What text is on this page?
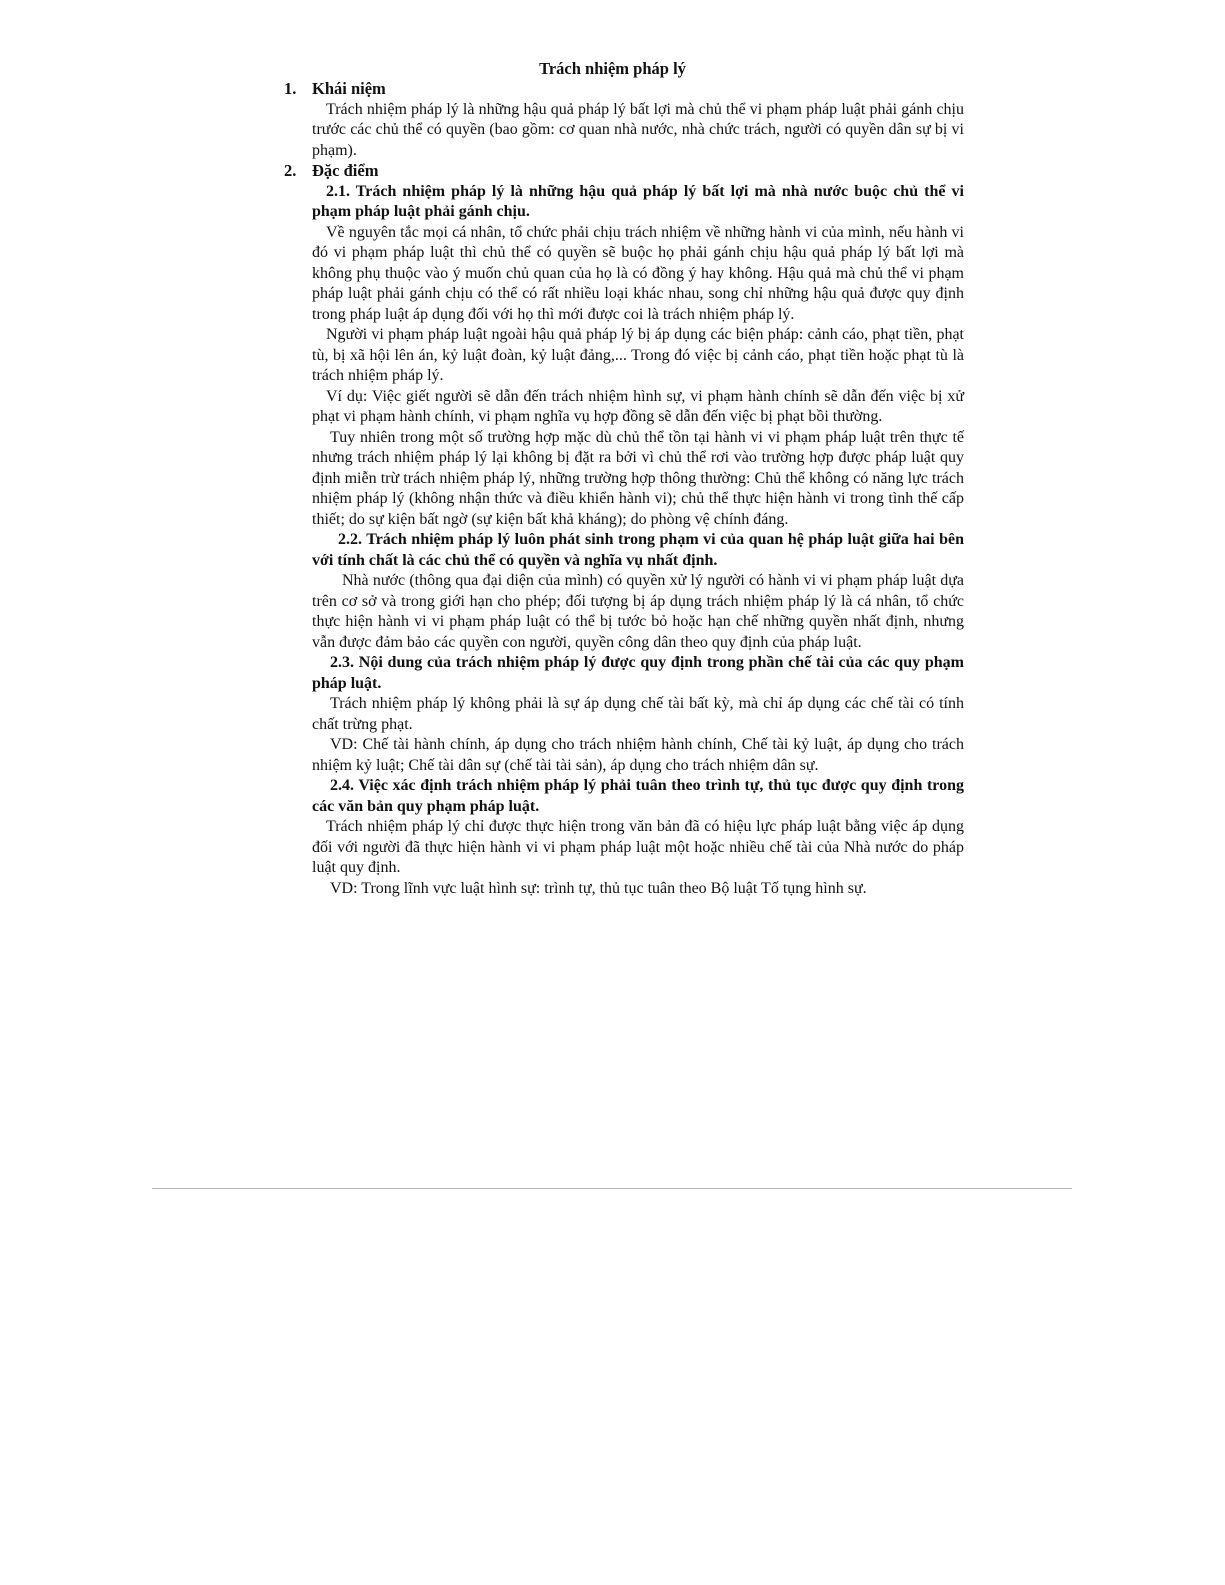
Trách nhiệm pháp lý
1. Khái niệm

Trách nhiệm pháp lý là những hậu quả pháp lý bất lợi mà chủ thể vi phạm pháp luật phải gánh chịu trước các chủ thể có quyền (bao gồm: cơ quan nhà nước, nhà chức trách, người có quyền dân sự bị vi phạm).

2. Đặc điểm

2.1. Trách nhiệm pháp lý là những hậu quả pháp lý bất lợi mà nhà nước buộc chủ thể vi phạm pháp luật phải gánh chịu.

Về nguyên tắc mọi cá nhân, tổ chức phải chịu trách nhiệm về những hành vi của mình, nếu hành vi đó vi phạm pháp luật thì chủ thể có quyền sẽ buộc họ phải gánh chịu hậu quả pháp lý bất lợi mà không phụ thuộc vào ý muốn chủ quan của họ là có đồng ý hay không. Hậu quả mà chủ thể vi phạm pháp luật phải gánh chịu có thể có rất nhiều loại khác nhau, song chỉ những hậu quả được quy định trong pháp luật áp dụng đối với họ thì mới được coi là trách nhiệm pháp lý.

Người vi phạm pháp luật ngoài hậu quả pháp lý bị áp dụng các biện pháp: cảnh cáo, phạt tiền, phạt tù, bị xã hội lên án, kỷ luật đoàn, kỷ luật đảng,... Trong đó việc bị cảnh cáo, phạt tiền hoặc phạt tù là trách nhiệm pháp lý.

Ví dụ: Việc giết người sẽ dẫn đến trách nhiệm hình sự, vi phạm hành chính sẽ dẫn đến việc bị xử phạt vi phạm hành chính, vi phạm nghĩa vụ hợp đồng sẽ dẫn đến việc bị phạt bồi thường.

Tuy nhiên trong một số trường hợp mặc dù chủ thể tồn tại hành vi vi phạm pháp luật trên thực tế nhưng trách nhiệm pháp lý lại không bị đặt ra bởi vì chủ thể rơi vào trường hợp được pháp luật quy định miễn trừ trách nhiệm pháp lý, những trường hợp thông thường: Chủ thể không có năng lực trách nhiệm pháp lý (không nhận thức và điều khiển hành vi); chủ thể thực hiện hành vi trong tình thế cấp thiết; do sự kiện bất ngờ (sự kiện bất khả kháng); do phòng vệ chính đáng.

2.2. Trách nhiệm pháp lý luôn phát sinh trong phạm vi của quan hệ pháp luật giữa hai bên với tính chất là các chủ thể có quyền và nghĩa vụ nhất định.

Nhà nước (thông qua đại diện của mình) có quyền xử lý người có hành vi vi phạm pháp luật dựa trên cơ sở và trong giới hạn cho phép; đối tượng bị áp dụng trách nhiệm pháp lý là cá nhân, tổ chức thực hiện hành vi vi phạm pháp luật có thể bị tước bỏ hoặc hạn chế những quyền nhất định, nhưng vẫn được đảm bảo các quyền con người, quyền công dân theo quy định của pháp luật.

2.3. Nội dung của trách nhiệm pháp lý được quy định trong phần chế tài của các quy phạm pháp luật.

Trách nhiệm pháp lý không phải là sự áp dụng chế tài bất kỳ, mà chỉ áp dụng các chế tài có tính chất trừng phạt.

VD: Chế tài hành chính, áp dụng cho trách nhiệm hành chính, Chế tài kỷ luật, áp dụng cho trách nhiệm kỷ luật; Chế tài dân sự (chế tài tài sản), áp dụng cho trách nhiệm dân sự.

2.4. Việc xác định trách nhiệm pháp lý phải tuân theo trình tự, thủ tục được quy định trong các văn bản quy phạm pháp luật.

Trách nhiệm pháp lý chỉ được thực hiện trong văn bản đã có hiệu lực pháp luật bằng việc áp dụng đối với người đã thực hiện hành vi vi phạm pháp luật một hoặc nhiều chế tài của Nhà nước do pháp luật quy định.

VD: Trong lĩnh vực luật hình sự: trình tự, thủ tục tuân theo Bộ luật Tố tụng hình sự.
